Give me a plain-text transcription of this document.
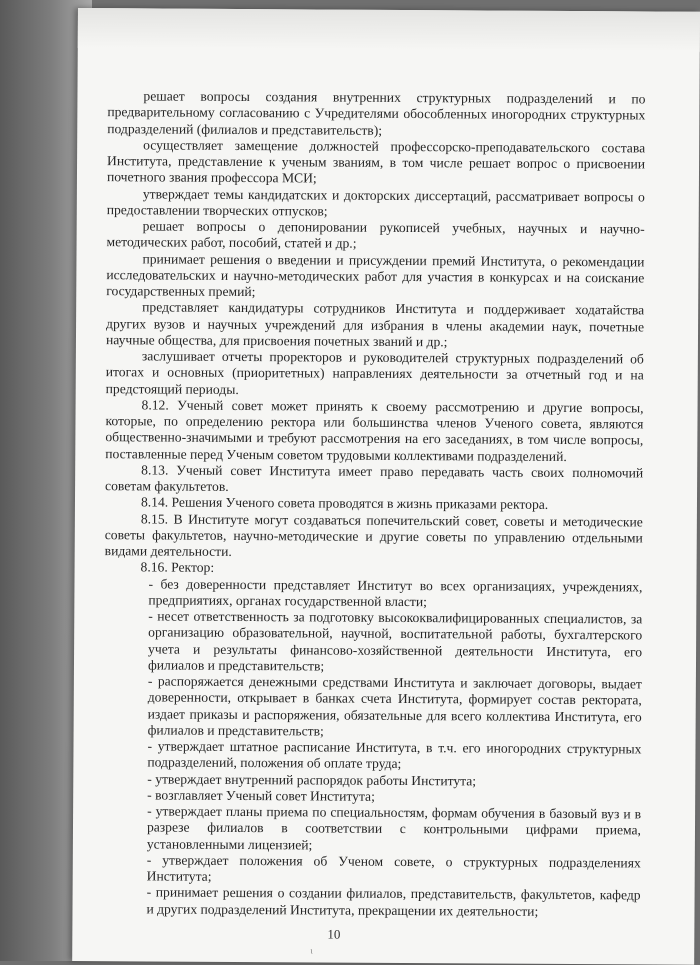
решает вопросы создания внутренних структурных подразделений и по предварительному согласованию с Учредителями обособленных иногородних структурных подразделений (филиалов и представительств);

осуществляет замещение должностей профессорско-преподавательского состава Института, представление к ученым званиям, в том числе решает вопрос о присвоении почетного звания профессора МСИ;

утверждает темы кандидатских и докторских диссертаций, рассматривает вопросы о предоставлении творческих отпусков;

решает вопросы о депонировании рукописей учебных, научных и научно-методических работ, пособий, статей и др.;

принимает решения о введении и присуждении премий Института, о рекомендации исследовательских и научно-методических работ для участия в конкурсах и на соискание государственных премий;

представляет кандидатуры сотрудников Института и поддерживает ходатайства других вузов и научных учреждений для избрания в члены академии наук, почетные научные общества, для присвоения почетных званий и др.;

заслушивает отчеты проректоров и руководителей структурных подразделений об итогах и основных (приоритетных) направлениях деятельности за отчетный год и на предстоящий периоды.

8.12. Ученый совет может принять к своему рассмотрению и другие вопросы, которые, по определению ректора или большинства членов Ученого совета, являются общественно-значимыми и требуют рассмотрения на его заседаниях, в том числе вопросы, поставленные перед Ученым советом трудовыми коллективами подразделений.

8.13. Ученый совет Института имеет право передавать часть своих полномочий советам факультетов.

8.14. Решения Ученого совета проводятся в жизнь приказами ректора.

8.15. В Институте могут создаваться попечительский совет, советы и методические советы факультетов, научно-методические и другие советы по управлению отдельными видами деятельности.

8.16. Ректор:

- без доверенности представляет Институт во всех организациях, учреждениях, предприятиях, органах государственной власти;

- несет ответственность за подготовку высококвалифицированных специалистов, за организацию образовательной, научной, воспитательной работы, бухгалтерского учета и результаты финансово-хозяйственной деятельности Института, его филиалов и представительств;

- распоряжается денежными средствами Института и заключает договоры, выдает доверенности, открывает в банках счета Института, формирует состав ректората, издает приказы и распоряжения, обязательные для всего коллектива Института, его филиалов и представительств;

- утверждает штатное расписание Института, в т.ч. его иногородних структурных подразделений, положения об оплате труда;

- утверждает внутренний распорядок работы Института;

- возглавляет Ученый совет Института;

- утверждает планы приема по специальностям, формам обучения в базовый вуз и в разрезе филиалов в соответствии с контрольными цифрами приема, установленными лицензией;

- утверждает положения об Ученом совете, о структурных подразделениях Института;

- принимает решения о создании филиалов, представительств, факультетов, кафедр и других подразделений Института, прекращении их деятельности;

10
ι
